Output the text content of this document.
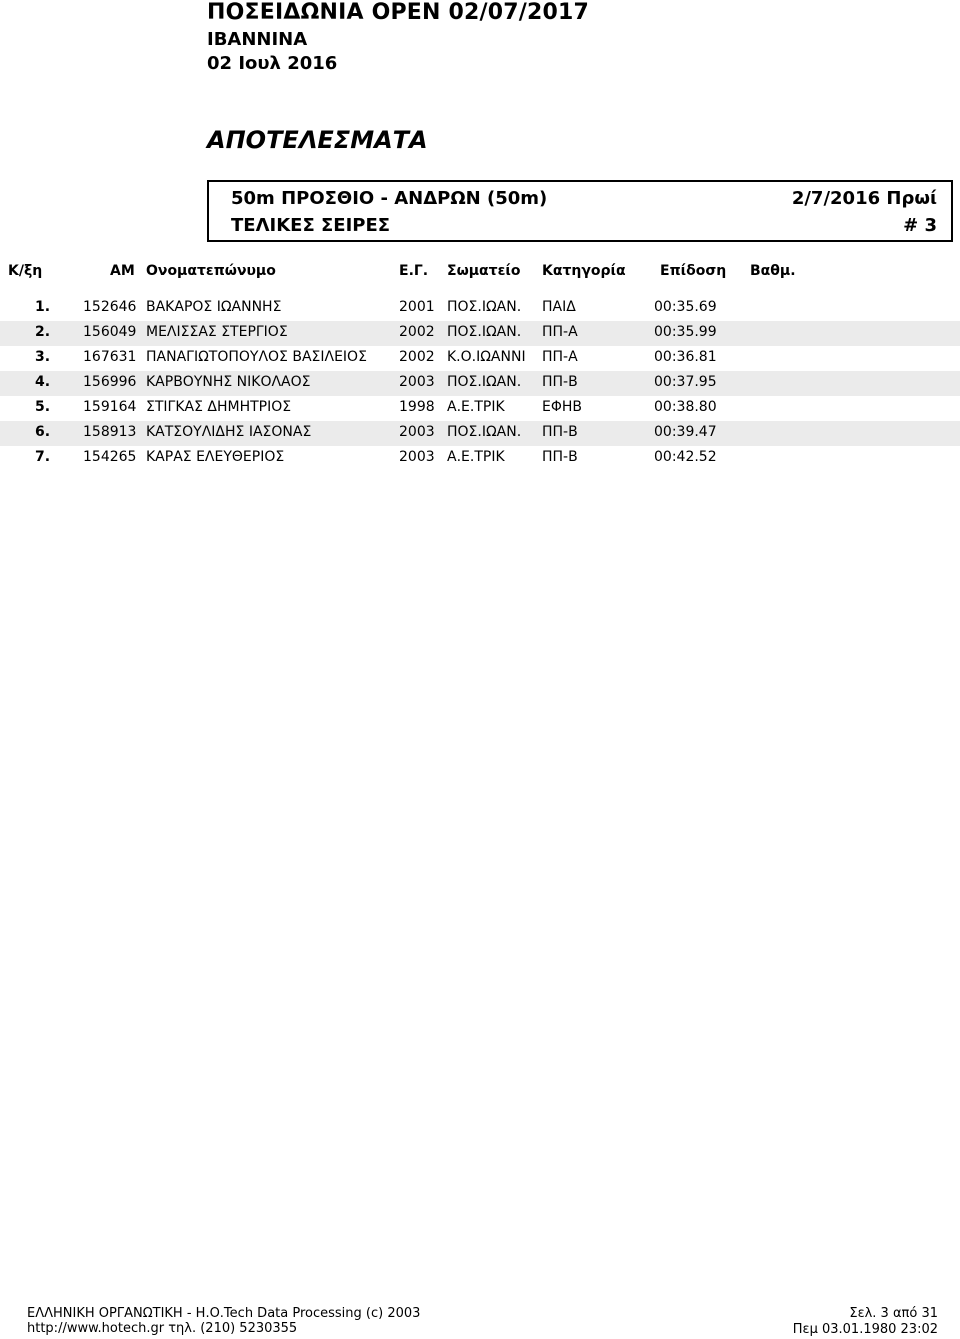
ΠΟΣΕΙΔΩΝΙΑ OPEN 02/07/2017
ΙΒΑΝΝΙΝΑ
02 Ιουλ 2016
ΑΠΟΤΕΛΕΣΜΑΤΑ
50m ΠΡΟΣΘΙΟ - ΑΝΔΡΩΝ (50m)
ΤΕΛΙΚΕΣ ΣΕΙΡΕΣ
2/7/2016 Πρωί
# 3
Κ/ξη	ΑΜ Ονοματεπώνυμο	Ε.Γ. Σωματείο Κατηγορία Επίδοση Βαθμ.
1. 152646 ΒΑΚΑΡΟΣ ΙΩΑΝΝΗΣ	2001 ΠΟΣ.ΙΩΑΝ. ΠΑΙΔ	00:35.69
2. 156049 ΜΕΛΙΣΣΑΣ ΣΤΕΡΓΙΟΣ	2002 ΠΟΣ.ΙΩΑΝ. ΠΠ-Α	00:35.99
3. 167631 ΠΑΝΑΓΙΩΤΟΠΟΥΛΟΣ ΒΑΣΙΛΕΙΟΣ 2002 Κ.Ο.ΙΩΑΝΝΙ ΠΠ-Α	00:36.81
4. 156996 ΚΑΡΒΟΥΝΗΣ ΝΙΚΟΛΑΟΣ	2003 ΠΟΣ.ΙΩΑΝ. ΠΠ-Β	00:37.95
5. 159164 ΣΤΙΓΚΑΣ ΔΗΜΗΤΡΙΟΣ	1998 Α.Ε.ΤΡΙΚ	ΕΦΗΒ	00:38.80
6. 158913 ΚΑΤΣΟΥΛΙΔΗΣ ΙΑΣΟΝΑΣ	2003 ΠΟΣ.ΙΩΑΝ. ΠΠ-Β	00:39.47
7. 154265 ΚΑΡΑΣ ΕΛΕΥΘΕΡΙΟΣ	2003 Α.Ε.ΤΡΙΚ	ΠΠ-Β	00:42.52
ΕΛΛΗΝΙΚΗ ΟΡΓΑΝΩΤΙΚΗ - Η.Ο.Tech Data Processing (c) 2003
http://www.hotech.gr τηλ. (210) 5230355
Σελ. 3 από 31
Πεμ 03.01.1980 23:02
